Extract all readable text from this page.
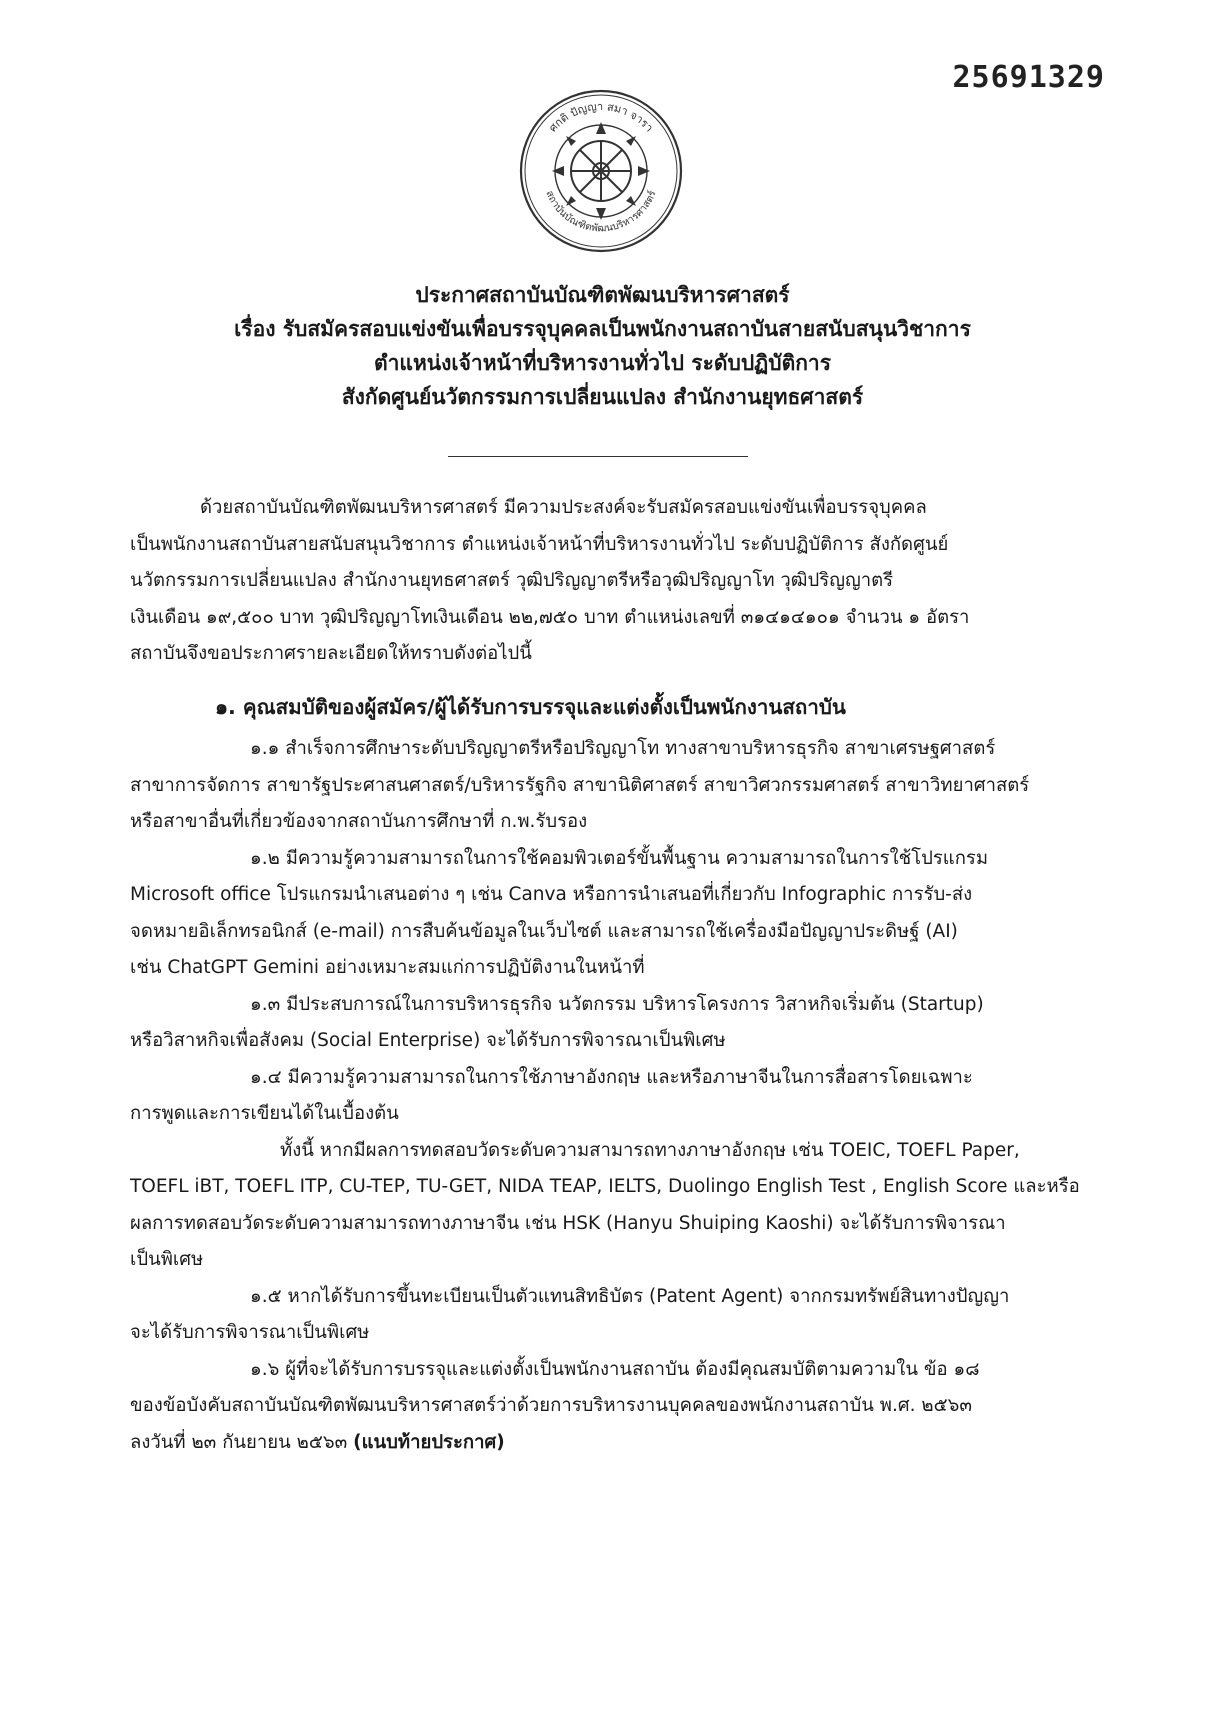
25691329
ศกติ ปัญญา สมา จารา
สถาบันบัณฑิตพัฒนบริหารศาสตร์
ประกาศสถาบันบัณฑิตพัฒนบริหารศาสตร์
เรื่อง รับสมัครสอบแข่งขันเพื่อบรรจุบุคคลเป็นพนักงานสถาบันสายสนับสนุนวิชาการ
ตำแหน่งเจ้าหน้าที่บริหารงานทั่วไป ระดับปฏิบัติการ
สังกัดศูนย์นวัตกรรมการเปลี่ยนแปลง สำนักงานยุทธศาสตร์

ด้วยสถาบันบัณฑิตพัฒนบริหารศาสตร์ มีความประสงค์จะรับสมัครสอบแข่งขันเพื่อบรรจุบุคคล
เป็นพนักงานสถาบันสายสนับสนุนวิชาการ ตำแหน่งเจ้าหน้าที่บริหารงานทั่วไป ระดับปฏิบัติการ สังกัดศูนย์
นวัตกรรมการเปลี่ยนแปลง สำนักงานยุทธศาสตร์ วุฒิปริญญาตรีหรือวุฒิปริญญาโท วุฒิปริญญาตรี
เงินเดือน ๑๙,๕๐๐ บาท วุฒิปริญญาโทเงินเดือน ๒๒,๗๕๐ บาท ตำแหน่งเลขที่ ๓๑๔๑๔๑๐๑ จำนวน ๑ อัตรา
สถาบันจึงขอประกาศรายละเอียดให้ทราบดังต่อไปนี้

๑. คุณสมบัติของผู้สมัคร/ผู้ได้รับการบรรจุและแต่งตั้งเป็นพนักงานสถาบัน

๑.๑ สำเร็จการศึกษาระดับปริญญาตรีหรือปริญญาโท ทางสาขาบริหารธุรกิจ สาขาเศรษฐศาสตร์
สาขาการจัดการ สาขารัฐประศาสนศาสตร์/บริหารรัฐกิจ สาขานิติศาสตร์ สาขาวิศวกรรมศาสตร์ สาขาวิทยาศาสตร์
หรือสาขาอื่นที่เกี่ยวข้องจากสถาบันการศึกษาที่ ก.พ.รับรอง

๑.๒ มีความรู้ความสามารถในการใช้คอมพิวเตอร์ขั้นพื้นฐาน ความสามารถในการใช้โปรแกรม
Microsoft office โปรแกรมนำเสนอต่าง ๆ เช่น Canva หรือการนำเสนอที่เกี่ยวกับ Infographic การรับ-ส่ง
จดหมายอิเล็กทรอนิกส์ (e-mail) การสืบค้นข้อมูลในเว็บไซต์ และสามารถใช้เครื่องมือปัญญาประดิษฐ์ (AI)
เช่น ChatGPT Gemini อย่างเหมาะสมแก่การปฏิบัติงานในหน้าที่

๑.๓ มีประสบการณ์ในการบริหารธุรกิจ นวัตกรรม บริหารโครงการ วิสาหกิจเริ่มต้น (Startup)
หรือวิสาหกิจเพื่อสังคม (Social Enterprise) จะได้รับการพิจารณาเป็นพิเศษ

๑.๔ มีความรู้ความสามารถในการใช้ภาษาอังกฤษ และหรือภาษาจีนในการสื่อสารโดยเฉพาะ
การพูดและการเขียนได้ในเบื้องต้น
ทั้งนี้ หากมีผลการทดสอบวัดระดับความสามารถทางภาษาอังกฤษ เช่น TOEIC, TOEFL Paper,
TOEFL iBT, TOEFL ITP, CU-TEP, TU-GET, NIDA TEAP, IELTS, Duolingo English Test , English Score และหรือ
ผลการทดสอบวัดระดับความสามารถทางภาษาจีน เช่น HSK (Hanyu Shuiping Kaoshi) จะได้รับการพิจารณา
เป็นพิเศษ

๑.๕ หากได้รับการขึ้นทะเบียนเป็นตัวแทนสิทธิบัตร (Patent Agent) จากกรมทรัพย์สินทางปัญญา
จะได้รับการพิจารณาเป็นพิเศษ

๑.๖ ผู้ที่จะได้รับการบรรจุและแต่งตั้งเป็นพนักงานสถาบัน ต้องมีคุณสมบัติตามความใน ข้อ ๑๘
ของข้อบังคับสถาบันบัณฑิตพัฒนบริหารศาสตร์ว่าด้วยการบริหารงานบุคคลของพนักงานสถาบัน พ.ศ. ๒๕๖๓
ลงวันที่ ๒๓ กันยายน ๒๕๖๓ (แนบท้ายประกาศ)
